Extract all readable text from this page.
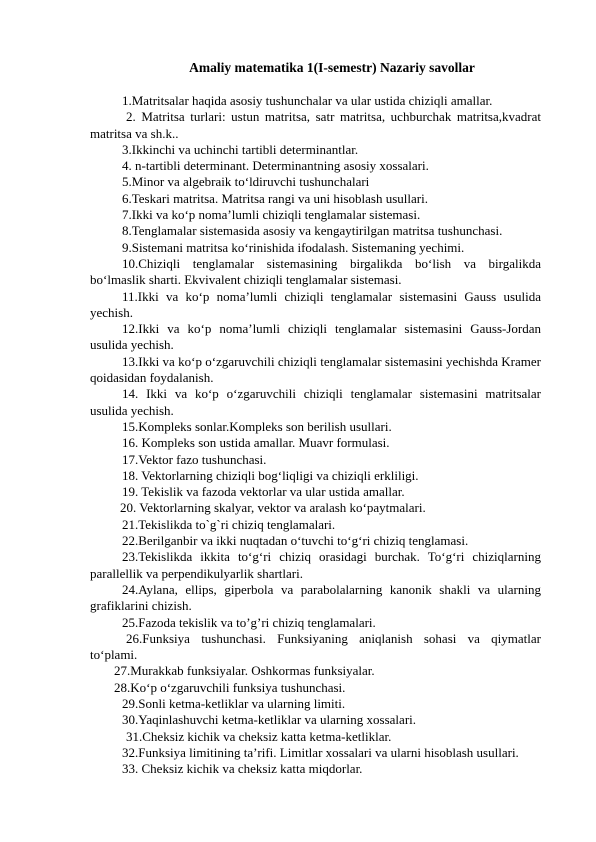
Amaliy matematika 1(I-semestr) Nazariy savollar

1.Matritsalar haqida asosiy tushunchalar va ular ustida chiziqli amallar.

2. Matritsa turlari: ustun matritsa, satr matritsa, uchburchak matritsa,kvadrat matritsa va sh.k..

3.Ikkinchi va uchinchi tartibli determinantlar.

4. n-tartibli determinant. Determinantning asosiy xossalari.

5.Minor va algebraik to‘ldiruvchi tushunchalari

6.Teskari matritsa. Matritsa rangi va uni hisoblash usullari.

7.Ikki va ko‘p noma’lumli chiziqli tenglamalar sistemasi.

8.Tenglamalar sistemasida asosiy va kengaytirilgan matritsa tushunchasi.

9.Sistemani matritsa ko‘rinishida ifodalash. Sistemaning yechimi.

10.Chiziqli tenglamalar sistemasining birgalikda bo‘lish va birgalikda bo‘lmaslik sharti. Ekvivalent chiziqli tenglamalar sistemasi.

11.Ikki va ko‘p noma’lumli chiziqli tenglamalar sistemasini Gauss usulida yechish.

12.Ikki va ko‘p noma’lumli chiziqli tenglamalar sistemasini Gauss-Jordan usulida yechish.

13.Ikki va ko‘p o‘zgaruvchili chiziqli tenglamalar sistemasini yechishda Kramer qoidasidan foydalanish.

14. Ikki va ko‘p o‘zgaruvchili chiziqli tenglamalar sistemasini matritsalar usulida yechish.

15.Kompleks sonlar.Kompleks son berilish usullari.

16. Kompleks son ustida amallar. Muavr formulasi.

17.Vektor fazo tushunchasi.

18. Vektorlarning chiziqli bog‘liqligi va chiziqli erkliligi.

19. Tekislik va fazoda vektorlar va ular ustida amallar.

20. Vektorlarning skalyar, vektor va aralash ko‘paytmalari.

21.Tekislikda to`g`ri chiziq tenglamalari.

22.Berilganbir va ikki nuqtadan o‘tuvchi to‘g‘ri chiziq tenglamasi.

23.Tekislikda ikkita to‘g‘ri chiziq orasidagi burchak. To‘g‘ri chiziqlarning parallellik va perpendikulyarlik shartlari.

24.Aylana, ellips, giperbola va parabolalarning kanonik shakli va ularning grafiklarini chizish.

25.Fazoda tekislik va to’g’ri chiziq tenglamalari.

26.Funksiya tushunchasi. Funksiyaning aniqlanish sohasi va qiymatlar to‘plami.

27.Murakkab funksiyalar. Oshkormas funksiyalar.

28.Ko‘p o‘zgaruvchili funksiya tushunchasi.

29.Sonli ketma-ketliklar va ularning limiti.

30.Yaqinlashuvchi ketma-ketliklar va ularning xossalari.

31.Cheksiz kichik va cheksiz katta ketma-ketliklar.

32.Funksiya limitining ta’rifi. Limitlar xossalari va ularni hisoblash usullari.

33. Cheksiz kichik va cheksiz katta miqdorlar.
